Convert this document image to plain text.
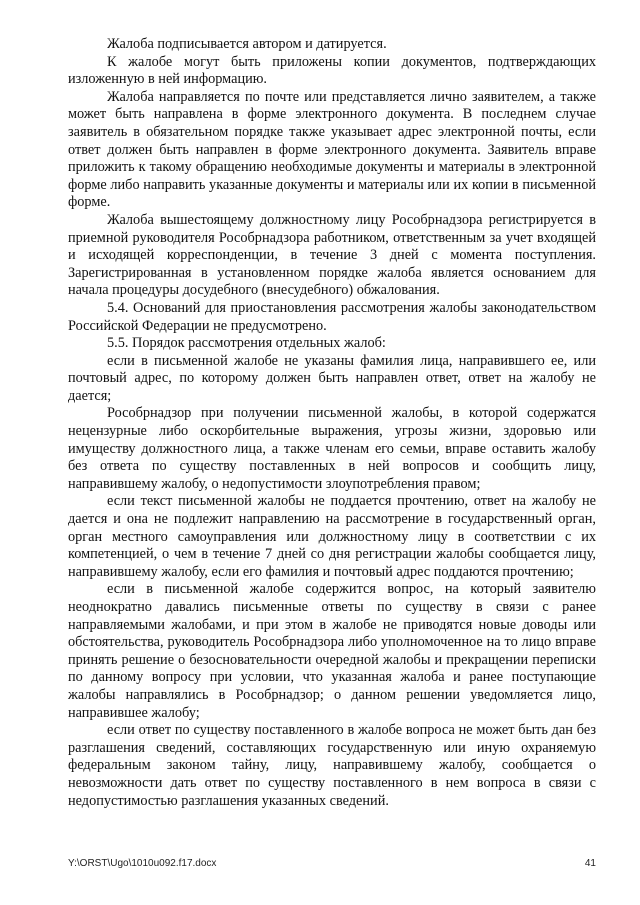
Жалоба подписывается автором и датируется.

К жалобе могут быть приложены копии документов, подтверждающих изложенную в ней информацию.

Жалоба направляется по почте или представляется лично заявителем, а также может быть направлена в форме электронного документа. В последнем случае заявитель в обязательном порядке также указывает адрес электронной почты, если ответ должен быть направлен в форме электронного документа. Заявитель вправе приложить к такому обращению необходимые документы и материалы в электронной форме либо направить указанные документы и материалы или их копии в письменной форме.

Жалоба вышестоящему должностному лицу Рособрнадзора регистрируется в приемной руководителя Рособрнадзора работником, ответственным за учет входящей и исходящей корреспонденции, в течение 3 дней с момента поступления. Зарегистрированная в установленном порядке жалоба является основанием для начала процедуры досудебного (внесудебного) обжалования.

5.4. Оснований для приостановления рассмотрения жалобы законодательством Российской Федерации не предусмотрено.

5.5. Порядок рассмотрения отдельных жалоб:

если в письменной жалобе не указаны фамилия лица, направившего ее, или почтовый адрес, по которому должен быть направлен ответ, ответ на жалобу не дается;

Рособрнадзор при получении письменной жалобы, в которой содержатся нецензурные либо оскорбительные выражения, угрозы жизни, здоровью или имуществу должностного лица, а также членам его семьи, вправе оставить жалобу без ответа по существу поставленных в ней вопросов и сообщить лицу, направившему жалобу, о недопустимости злоупотребления правом;

если текст письменной жалобы не поддается прочтению, ответ на жалобу не дается и она не подлежит направлению на рассмотрение в государственный орган, орган местного самоуправления или должностному лицу в соответствии с их компетенцией, о чем в течение 7 дней со дня регистрации жалобы сообщается лицу, направившему жалобу, если его фамилия и почтовый адрес поддаются прочтению;

если в письменной жалобе содержится вопрос, на который заявителю неоднократно давались письменные ответы по существу в связи с ранее направляемыми жалобами, и при этом в жалобе не приводятся новые доводы или обстоятельства, руководитель Рособрнадзора либо уполномоченное на то лицо вправе принять решение о безосновательности очередной жалобы и прекращении переписки по данному вопросу при условии, что указанная жалоба и ранее поступающие жалобы направлялись в Рособрнадзор; о данном решении уведомляется лицо, направившее жалобу;

если ответ по существу поставленного в жалобе вопроса не может быть дан без разглашения сведений, составляющих государственную или иную охраняемую федеральным законом тайну, лицу, направившему жалобу, сообщается о невозможности дать ответ по существу поставленного в нем вопроса в связи с недопустимостью разглашения указанных сведений.

Y:\ORST\Ugo\1010u092.f17.docx	41
